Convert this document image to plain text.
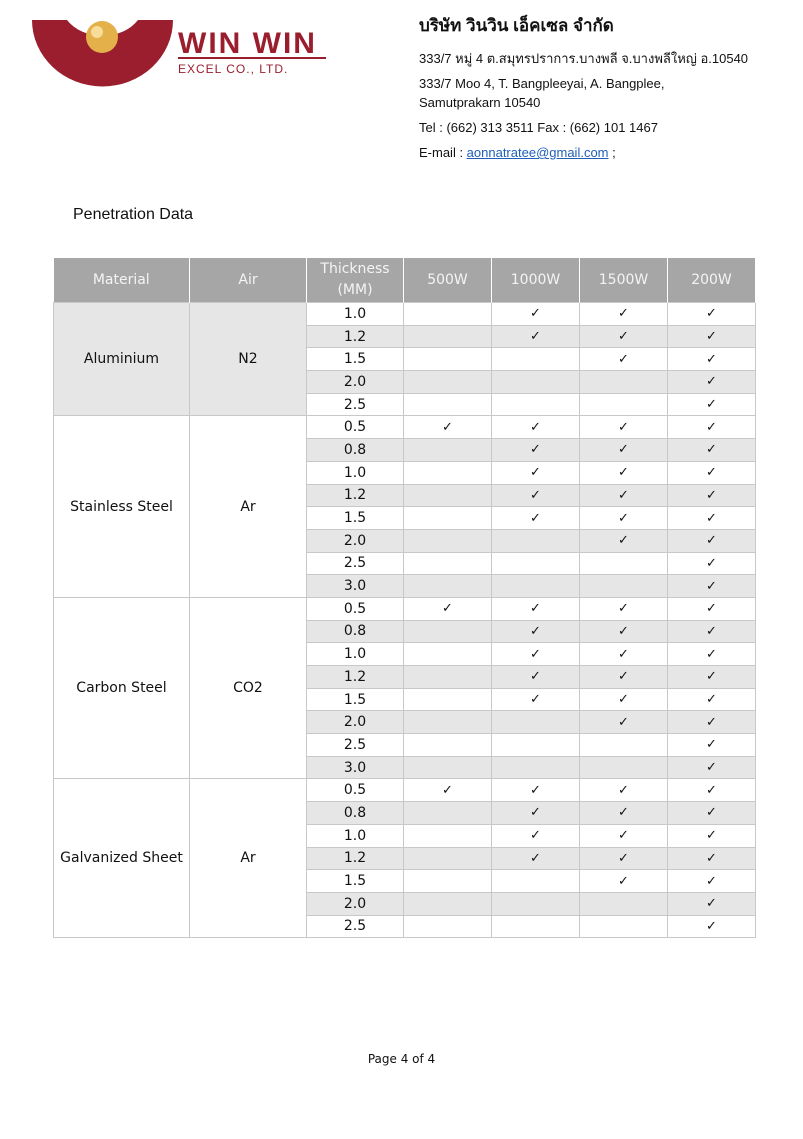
WIN WIN
EXCEL CO., LTD.
บริษัท วินวิน เอ็คเซล จำกัด
333/7 หมู่ 4 ต.สมุทรปราการ.บางพลี จ.บางพลีใหญ่ อ.10540
333/7 Moo 4, T. Bangpleeyai, A. Bangplee,
Samutprakarn 10540
Tel : (662) 313 3511 Fax : (662) 101 1467
E-mail : aonnatratee@gmail.com ;
Penetration Data
Material	Air	Thickness
(MM)	500W	1000W	1500W	200W
Aluminium	N2	1.0		✓	✓	✓
		1.2		✓	✓	✓
		1.5			✓	✓
		2.0				✓
		2.5				✓
Stainless Steel	Ar	0.5	✓	✓	✓	✓
		0.8		✓	✓	✓
		1.0		✓	✓	✓
		1.2		✓	✓	✓
		1.5		✓	✓	✓
		2.0			✓	✓
		2.5				✓
		3.0				✓
Carbon Steel	CO2	0.5	✓	✓	✓	✓
		0.8		✓	✓	✓
		1.0		✓	✓	✓
		1.2		✓	✓	✓
		1.5		✓	✓	✓
		2.0			✓	✓
		2.5				✓
		3.0				✓
Galvanized Sheet	Ar	0.5	✓	✓	✓	✓
		0.8		✓	✓	✓
		1.0		✓	✓	✓
		1.2		✓	✓	✓
		1.5			✓	✓
		2.0				✓
		2.5				✓
Page 4 of 4
